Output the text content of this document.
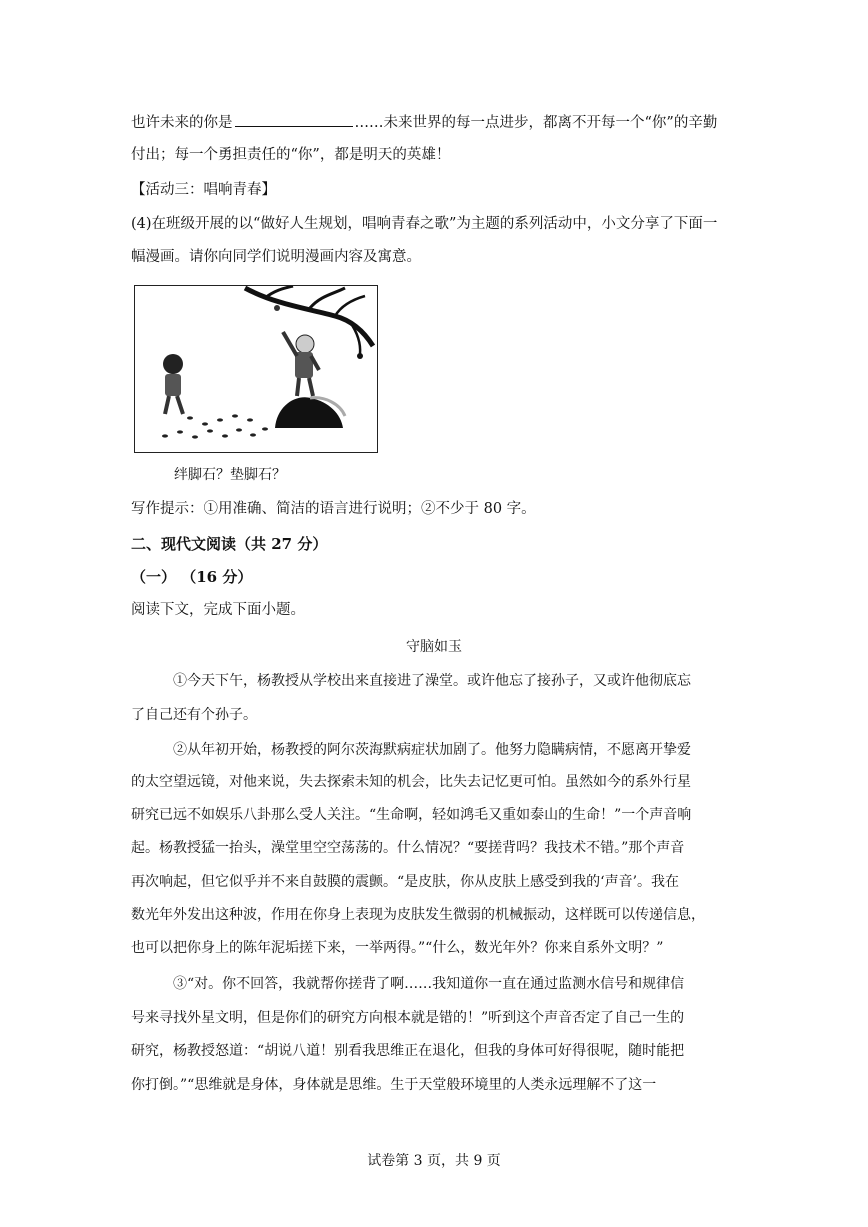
也许未来的你是	……未来世界的每一点进步，都离不开每一个“你”的辛勤
付出；每一个勇担责任的“你”，都是明天的英雄！
【活动三：唱响青春】
(4)在班级开展的以“做好人生规划，唱响青春之歌”为主题的系列活动中，小文分享了下面一
幅漫画。请你向同学们说明漫画内容及寓意。
绊脚石？垫脚石？
写作提示：①用准确、简洁的语言进行说明；②不少于 80 字。
二、现代文阅读（共 27 分）
（一） （16 分）
阅读下文，完成下面小题。
守脑如玉
①今天下午，杨教授从学校出来直接进了澡堂。或许他忘了接孙子，又或许他彻底忘
了自己还有个孙子。
②从年初开始，杨教授的阿尔茨海默病症状加剧了。他努力隐瞒病情，不愿离开挚爱
的太空望远镜，对他来说，失去探索未知的机会，比失去记忆更可怕。虽然如今的系外行星
研究已远不如娱乐八卦那么受人关注。“生命啊，轻如鸿毛又重如泰山的生命！”一个声音响
起。杨教授猛一抬头，澡堂里空空荡荡的。什么情况？“要搓背吗？我技术不错。”那个声音
再次响起，但它似乎并不来自鼓膜的震颤。“是皮肤，你从皮肤上感受到我的‘声音’。我在
数光年外发出这种波，作用在你身上表现为皮肤发生微弱的机械振动，这样既可以传递信息，
也可以把你身上的陈年泥垢搓下来，一举两得。”“什么，数光年外？你来自系外文明？”
③“对。你不回答，我就帮你搓背了啊……我知道你一直在通过监测水信号和规律信
号来寻找外星文明，但是你们的研究方向根本就是错的！”听到这个声音否定了自己一生的
研究，杨教授怒道：“胡说八道！别看我思维正在退化，但我的身体可好得很呢，随时能把
你打倒。”“思维就是身体，身体就是思维。生于天堂般环境里的人类永远理解不了这一
试卷第 3 页，共 9 页
